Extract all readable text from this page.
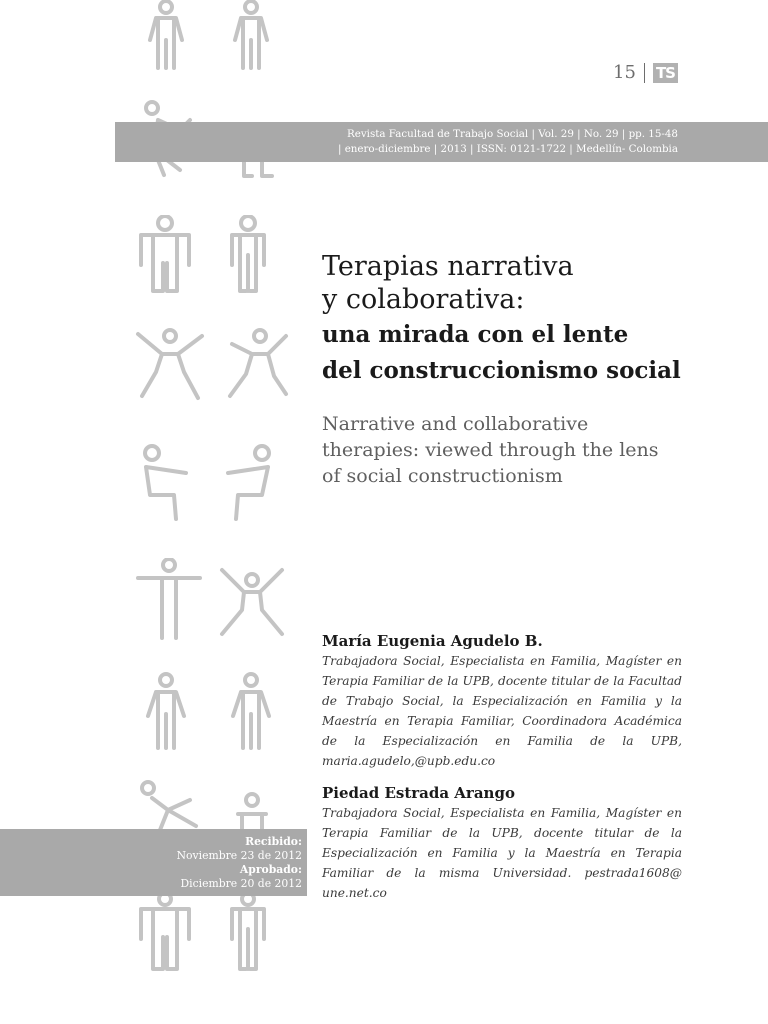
15 TS
Revista Facultad de Trabajo Social | Vol. 29 | No. 29 | pp. 15-48
| enero-diciembre | 2013 | ISSN: 0121-1722 | Medellín- Colombia
Terapias narrativa
y colaborativa:
una mirada con el lente
del construccionismo social
Narrative and collaborative
therapies: viewed through the lens
of social constructionism
María Eugenia Agudelo B.
Trabajadora Social, Especialista en Familia, Magíster en Terapia Familiar de la UPB, docente titular de la Facultad de Trabajo Social, la Especialización en Familia y la Maestría en Terapia Familiar, Coordinadora Académica de la Especialización en Familia de la UPB, maria.agudelo,@upb.edu.co
Piedad Estrada Arango
Trabajadora Social, Especialista en Familia, Magíster en Terapia Familiar de la UPB, docente titular de la Especialización en Familia y la Maestría en Terapia Familiar de la misma Universidad. pestrada1608@ une.net.co
Recibido:
Noviembre 23 de 2012
Aprobado:
Diciembre 20 de 2012
